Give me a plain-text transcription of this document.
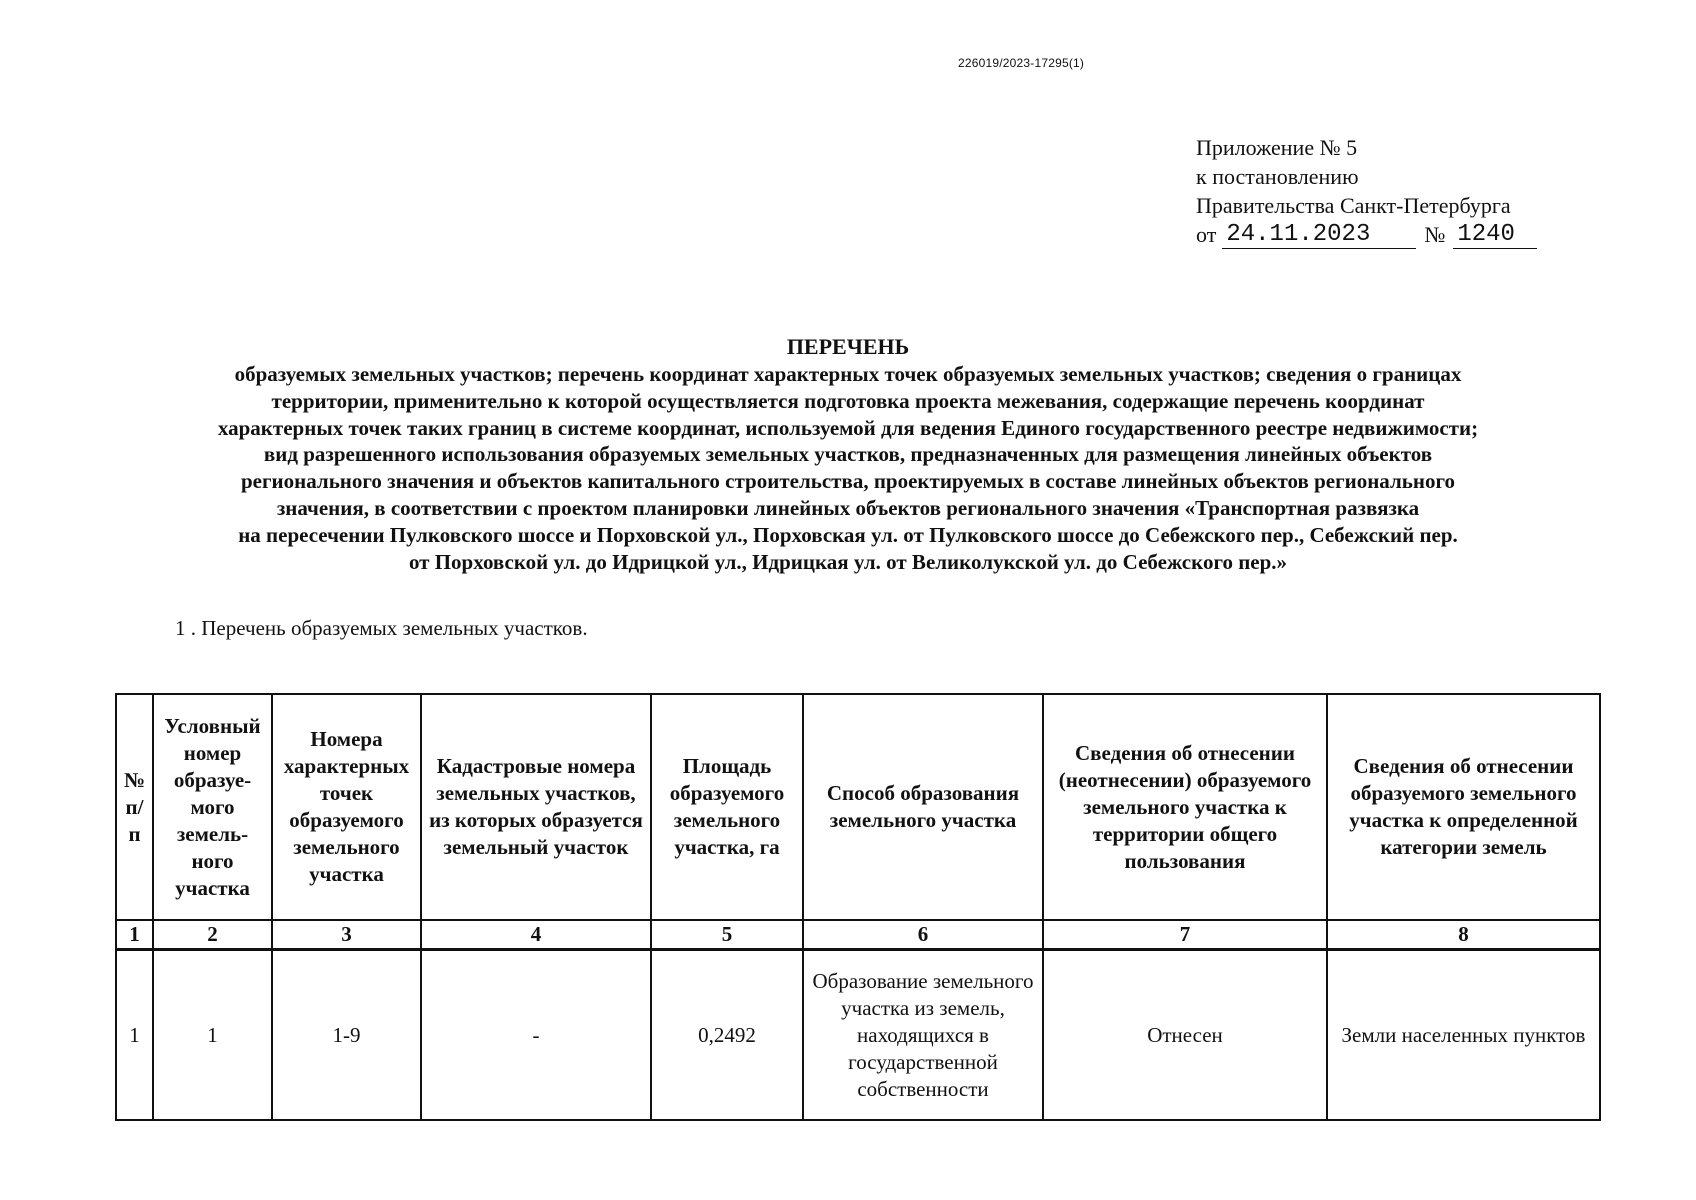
226019/2023-17295(1)
Приложение № 5
к постановлению
Правительства Санкт-Петербурга
от 24.11.2023	№ 1240
ПЕРЕЧЕНЬ
образуемых земельных участков; перечень координат характерных точек образуемых земельных участков; сведения о границах
территории, применительно к которой осуществляется подготовка проекта межевания, содержащие перечень координат
характерных точек таких границ в системе координат, используемой для ведения Единого государственного реестре недвижимости;
вид разрешенного использования образуемых земельных участков, предназначенных для размещения линейных объектов
регионального значения и объектов капитального строительства, проектируемых в составе линейных объектов регионального
значения, в соответствии с проектом планировки линейных объектов регионального значения «Транспортная развязка
на пересечении Пулковского шоссе и Порховской ул., Порховская ул. от Пулковского шоссе до Себежского пер., Себежский пер.
от Порховской ул. до Идрицкой ул., Идрицкая ул. от Великолукской ул. до Себежского пер.»
1 . Перечень образуемых земельных участков.
№ п/п	Условный номер образуе-мого земель-ного участка	Номера характерных точек образуемого земельного участка	Кадастровые номера земельных участков, из которых образуется земельный участок	Площадь образуемого земельного участка, га	Способ образования земельного участка	Сведения об отнесении (неотнесении) образуемого земельного участка к территории общего пользования	Сведения об отнесении образуемого земельного участка к определенной категории земель
1	2	3	4	5	6	7	8
1	1	1-9	-	0,2492	Образование земельного участка из земель, находящихся в государственной собственности	Отнесен	Земли населенных пунктов
